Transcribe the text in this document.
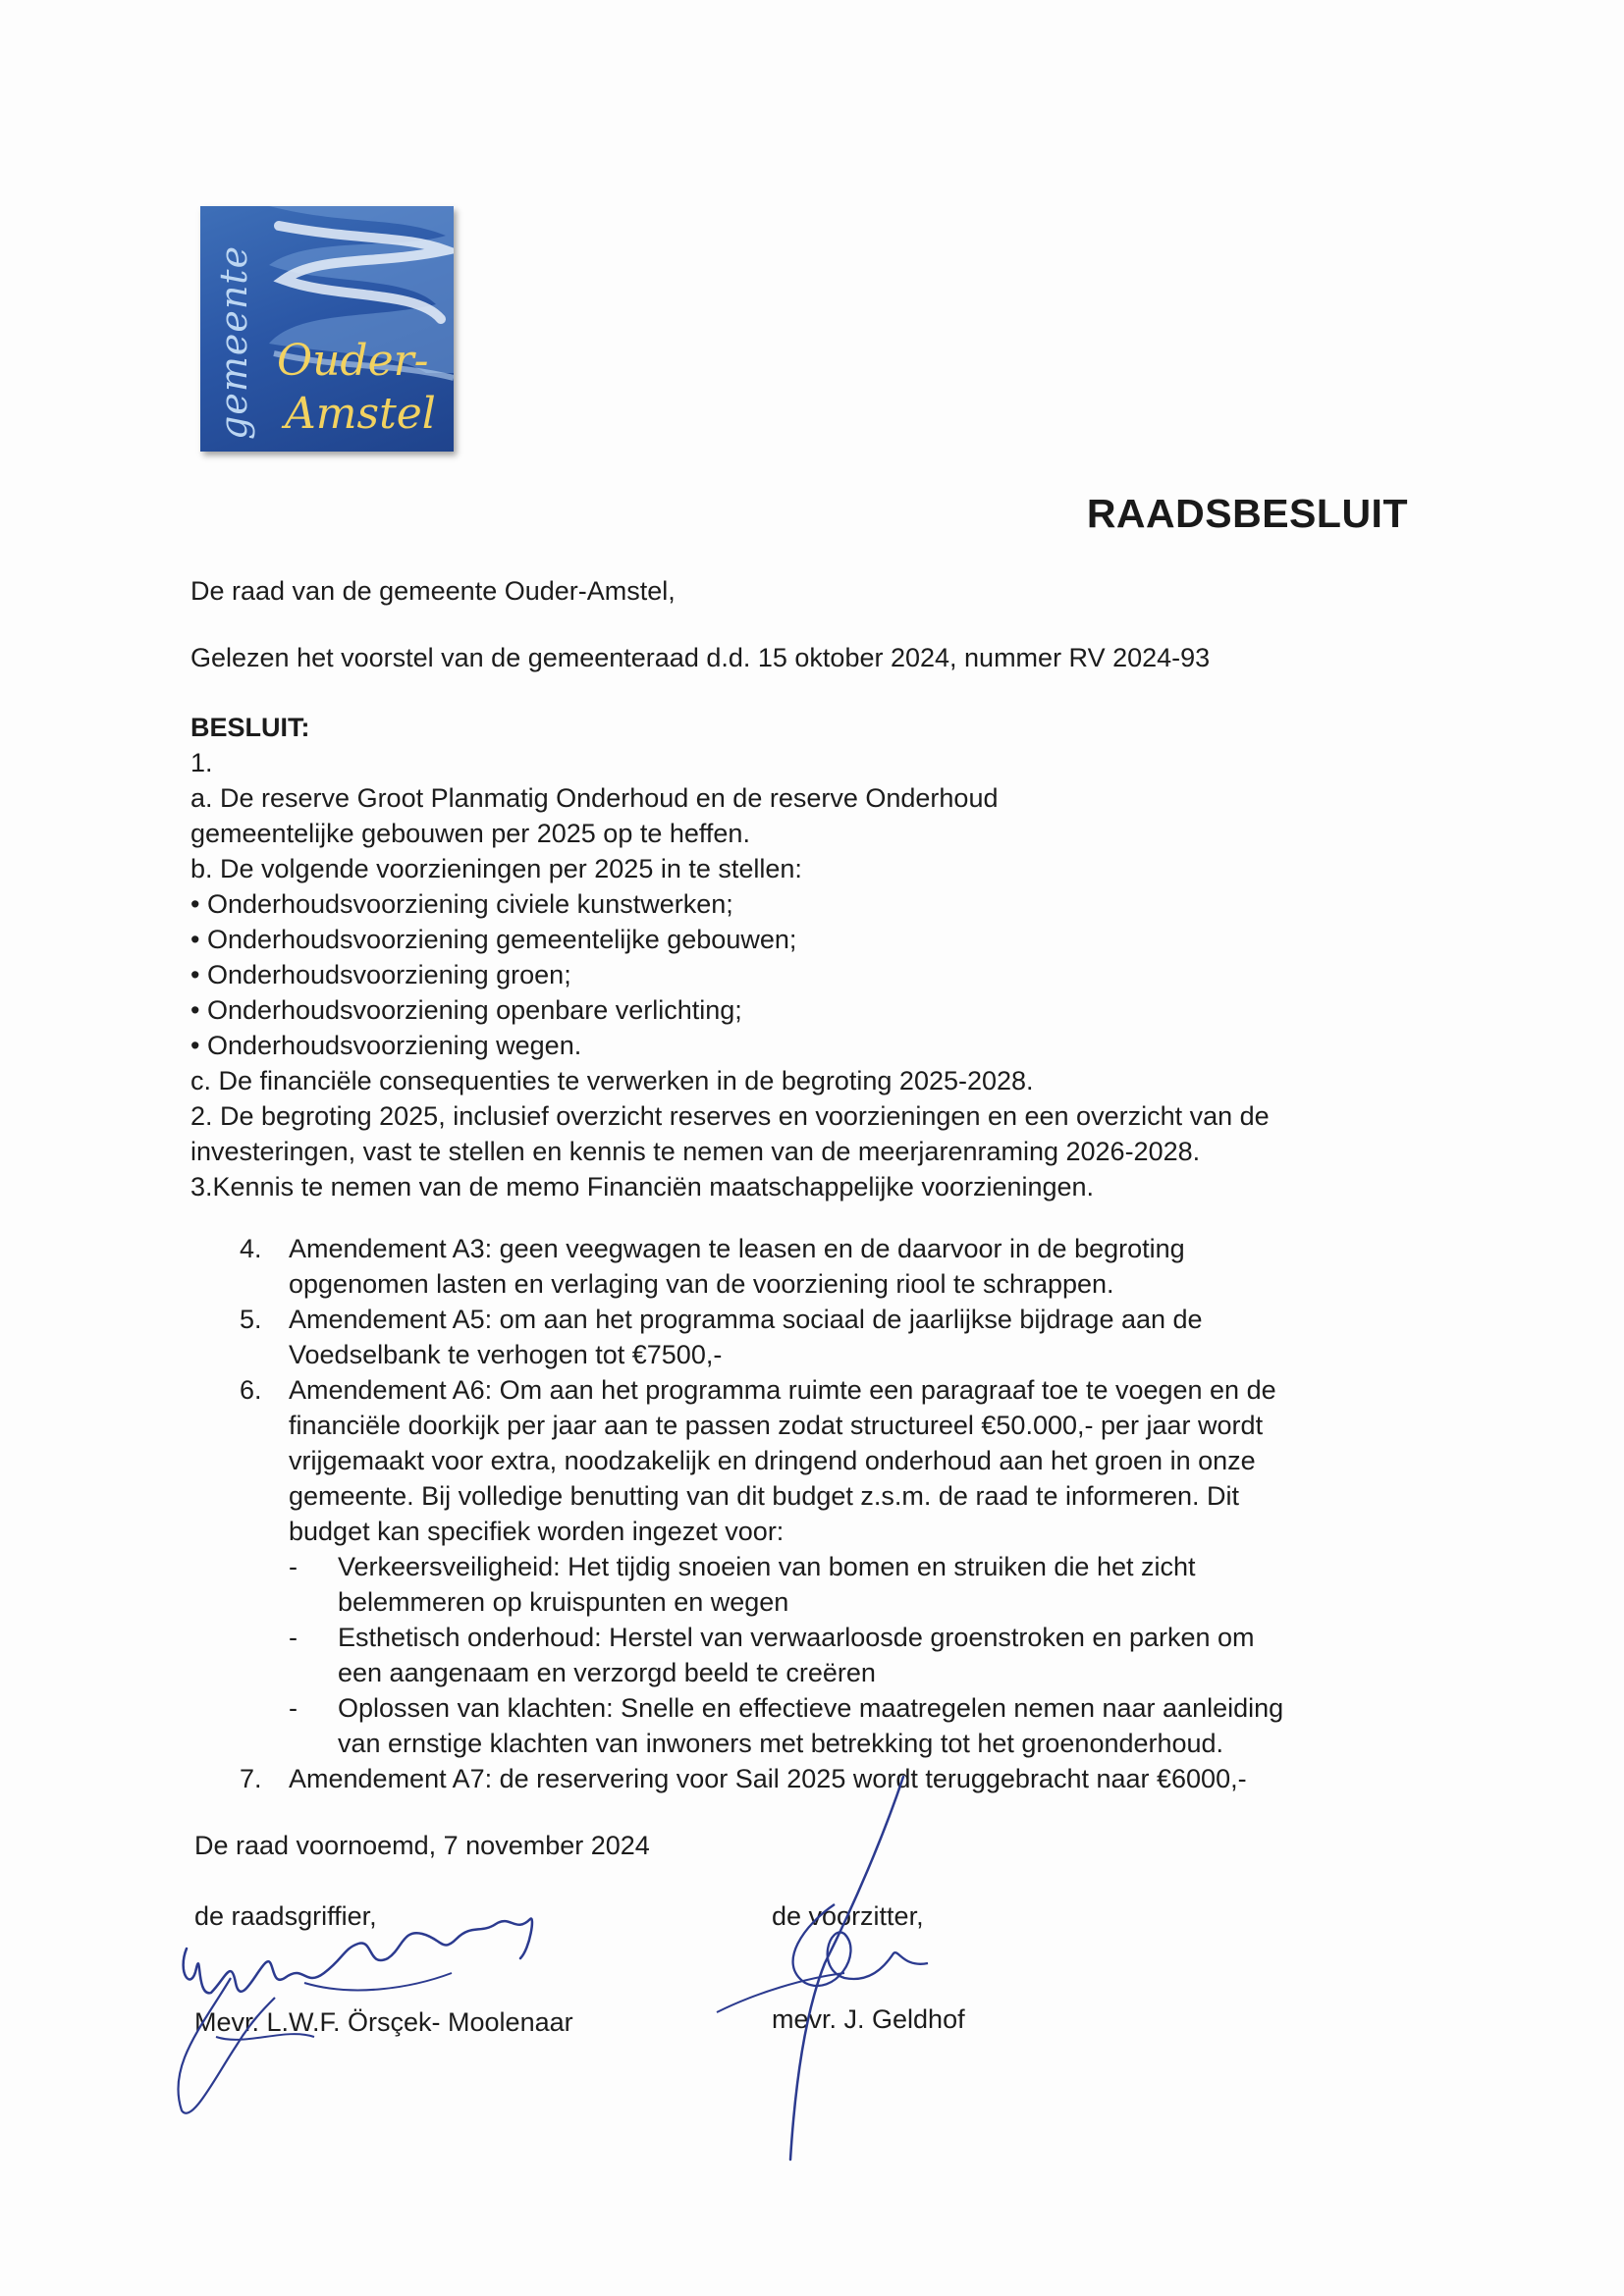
gemeente Ouder-
Amstel
RAADSBESLUIT
De raad van de gemeente Ouder-Amstel,
Gelezen het voorstel van de gemeenteraad d.d. 15 oktober 2024, nummer RV 2024-93
BESLUIT:
1.
a. De reserve Groot Planmatig Onderhoud en de reserve Onderhoud
gemeentelijke gebouwen per 2025 op te heffen.
b. De volgende voorzieningen per 2025 in te stellen:
• Onderhoudsvoorziening civiele kunstwerken;
• Onderhoudsvoorziening gemeentelijke gebouwen;
• Onderhoudsvoorziening groen;
• Onderhoudsvoorziening openbare verlichting;
• Onderhoudsvoorziening wegen.
c. De financiële consequenties te verwerken in de begroting 2025-2028.
2. De begroting 2025, inclusief overzicht reserves en voorzieningen en een overzicht van de
investeringen, vast te stellen en kennis te nemen van de meerjarenraming 2026-2028.
3.Kennis te nemen van de memo Financiën maatschappelijke voorzieningen.
4. Amendement A3: geen veegwagen te leasen en de daarvoor in de begroting
opgenomen lasten en verlaging van de voorziening riool te schrappen.
5. Amendement A5: om aan het programma sociaal de jaarlijkse bijdrage aan de
Voedselbank te verhogen tot €7500,-
6. Amendement A6: Om aan het programma ruimte een paragraaf toe te voegen en de
financiële doorkijk per jaar aan te passen zodat structureel €50.000,- per jaar wordt
vrijgemaakt voor extra, noodzakelijk en dringend onderhoud aan het groen in onze
gemeente. Bij volledige benutting van dit budget z.s.m. de raad te informeren. Dit
budget kan specifiek worden ingezet voor:
- Verkeersveiligheid: Het tijdig snoeien van bomen en struiken die het zicht
belemmeren op kruispunten en wegen
- Esthetisch onderhoud: Herstel van verwaarloosde groenstroken en parken om
een aangenaam en verzorgd beeld te creëren
- Oplossen van klachten: Snelle en effectieve maatregelen nemen naar aanleiding
van ernstige klachten van inwoners met betrekking tot het groenonderhoud.
7. Amendement A7: de reservering voor Sail 2025 wordt teruggebracht naar €6000,-
De raad voornoemd, 7 november 2024
de raadsgriffier,
Mevr. L.W.F. Örsçek- Moolenaar
de voorzitter,
mevr. J. Geldhof
